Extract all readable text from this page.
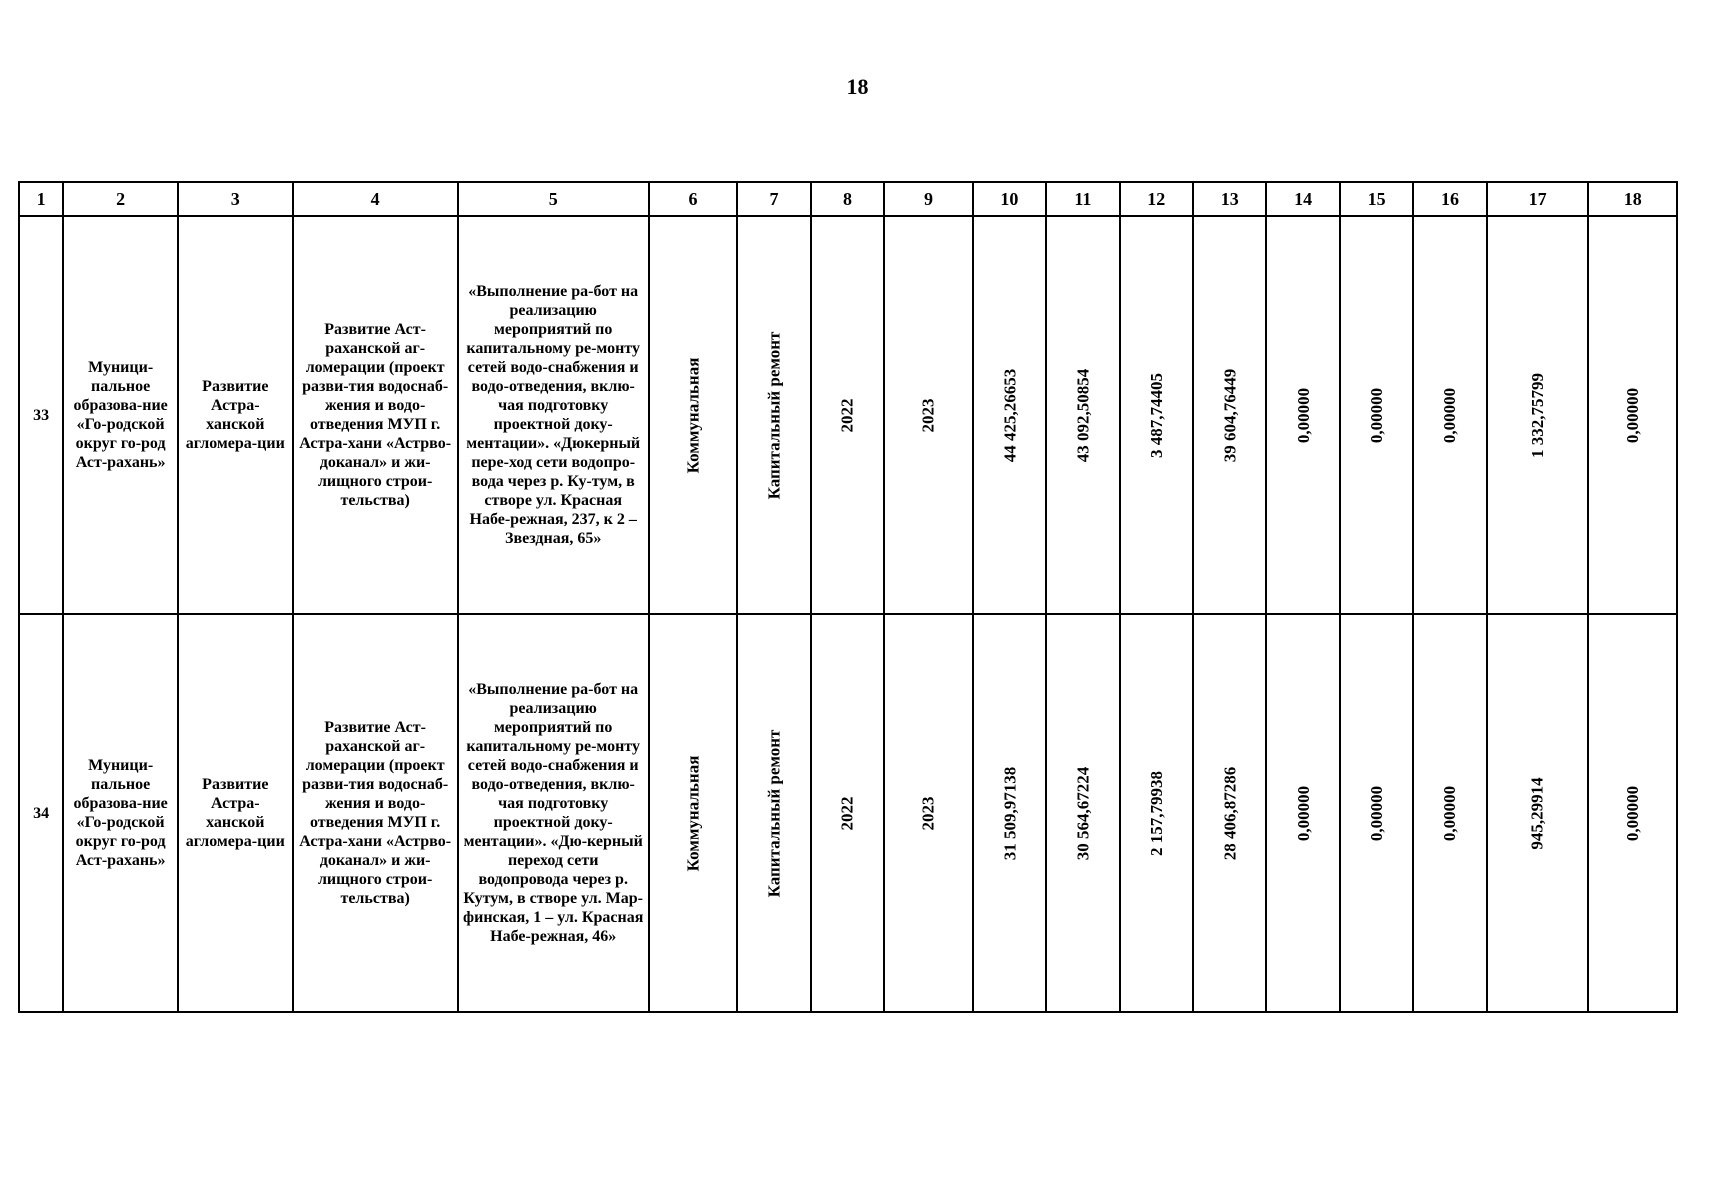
18
1	2	3	4	5	6	7	8	9	10	11	12	13	14	15	16	17	18
33	Муници-пальное образова-ние «Го-родской округ го-род Аст-рахань»	Развитие Астра-ханской агломера-ции	Развитие Аст-раханской аг-ломерации (проект разви-тия водоснаб-жения и водо-отведения МУП г. Астра-хани «Астрво-доканал» и жи-лищного строи-тельства)	«Выполнение ра-бот на реализацию мероприятий по капитальному ре-монту сетей водо-снабжения и водо-отведения, вклю-чая подготовку проектной доку-ментации». «Дюкерный пере-ход сети водопро-вода через р. Ку-тум, в створе ул. Красная Набе-режная, 237, к 2 – Звездная, 65»	Коммунальная	Капитальный ремонт	2022	2023	44 425,26653	43 092,50854	3 487,74405	39 604,76449	0,00000	0,00000	0,00000	1 332,75799	0,00000

34	Муници-пальное образова-ние «Го-родской округ го-род Аст-рахань»	Развитие Астра-ханской агломера-ции	Развитие Аст-раханской аг-ломерации (проект разви-тия водоснаб-жения и водо-отведения МУП г. Астра-хани «Астрво-доканал» и жи-лищного строи-тельства)	«Выполнение ра-бот на реализацию мероприятий по капитальному ре-монту сетей водо-снабжения и водо-отведения, вклю-чая подготовку проектной доку-ментации». «Дю-керный переход сети водопровода через р. Кутум, в створе ул. Мар-финская, 1 – ул. Красная Набе-режная, 46»	Коммунальная	Капитальный ремонт	2022	2023	31 509,97138	30 564,67224	2 157,79938	28 406,87286	0,00000	0,00000	0,00000	945,29914	0,00000
